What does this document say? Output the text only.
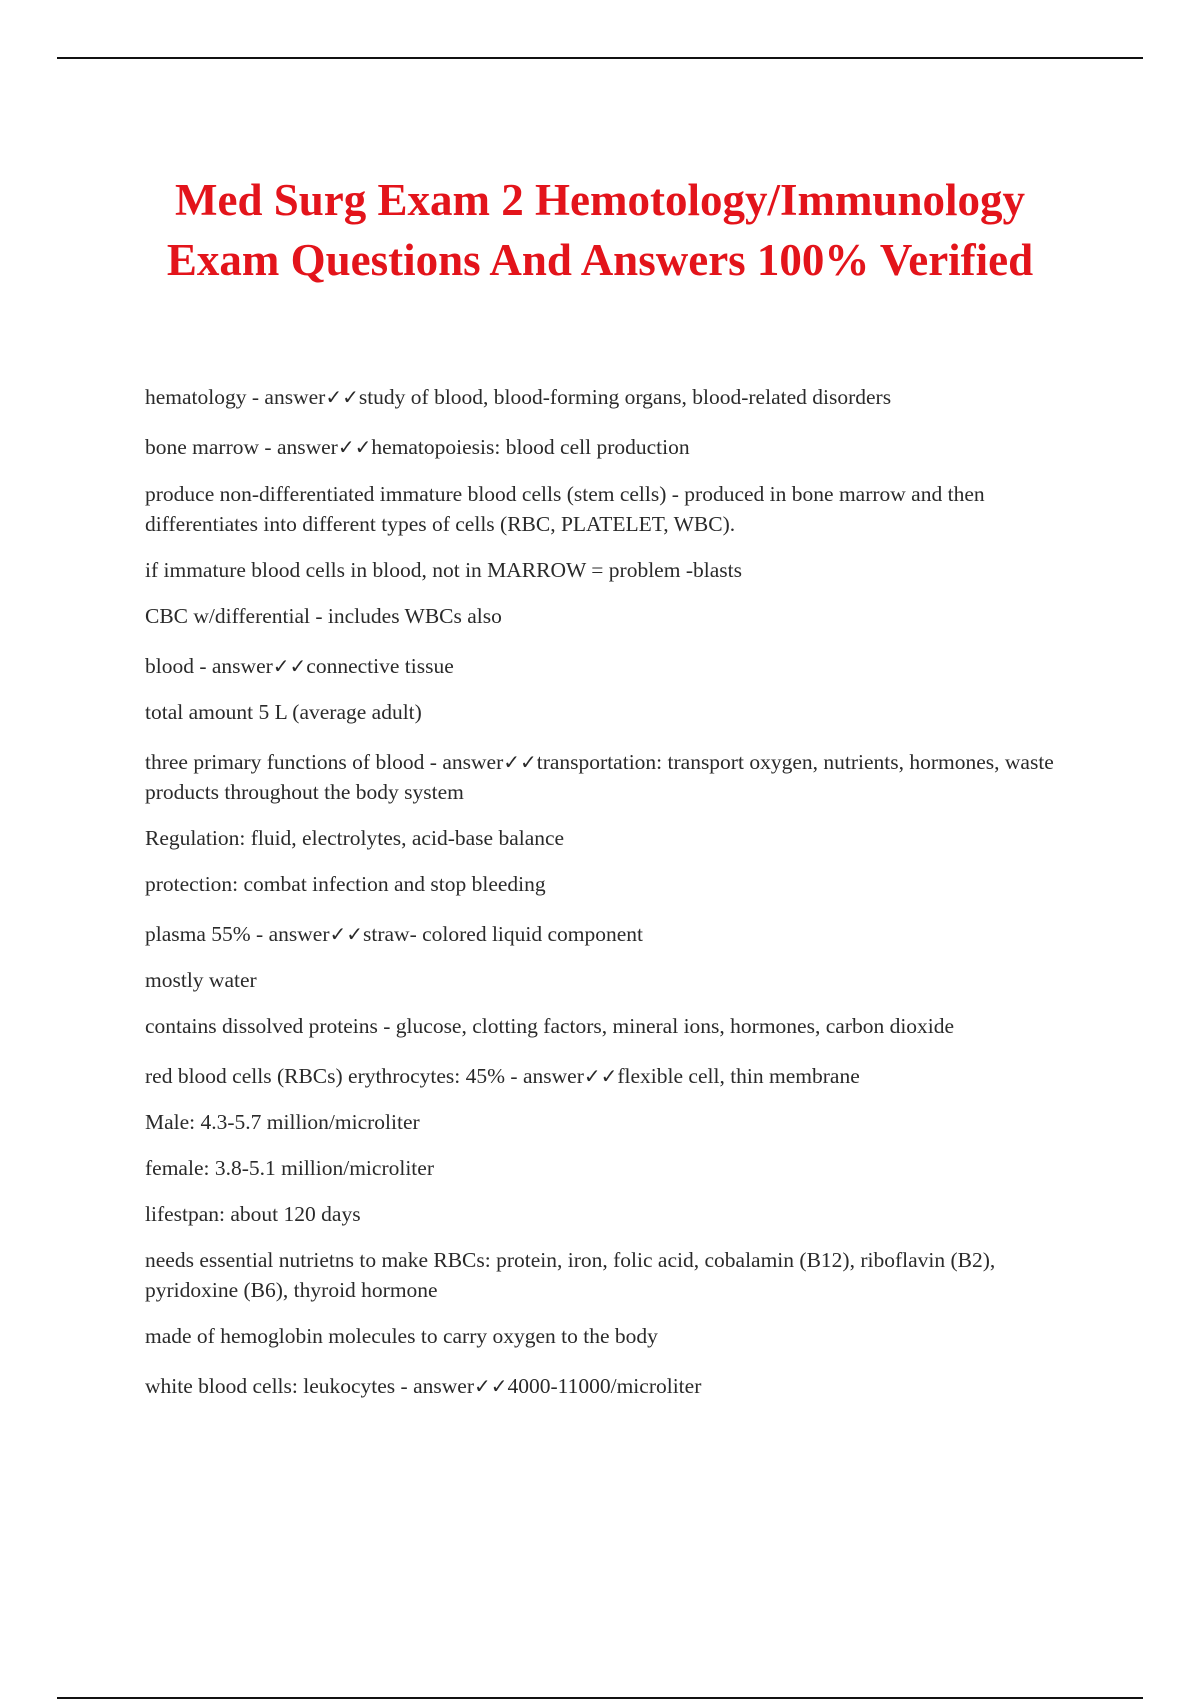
Med Surg Exam 2 Hemotology/Immunology
Exam Questions And Answers 100% Verified

hematology - answer✓✓study of blood, blood-forming organs, blood-related disorders

bone marrow - answer✓✓hematopoiesis: blood cell production

produce non-differentiated immature blood cells (stem cells) - produced in bone marrow and then differentiates into different types of cells (RBC, PLATELET, WBC).

if immature blood cells in blood, not in MARROW = problem -blasts

CBC w/differential - includes WBCs also

blood - answer✓✓connective tissue

total amount 5 L (average adult)

three primary functions of blood - answer✓✓transportation: transport oxygen, nutrients, hormones, waste products throughout the body system

Regulation: fluid, electrolytes, acid-base balance

protection: combat infection and stop bleeding

plasma 55% - answer✓✓straw- colored liquid component

mostly water

contains dissolved proteins - glucose, clotting factors, mineral ions, hormones, carbon dioxide

red blood cells (RBCs) erythrocytes: 45% - answer✓✓flexible cell, thin membrane

Male: 4.3-5.7 million/microliter

female: 3.8-5.1 million/microliter

lifestpan: about 120 days

needs essential nutrietns to make RBCs: protein, iron, folic acid, cobalamin (B12), riboflavin (B2), pyridoxine (B6), thyroid hormone

made of hemoglobin molecules to carry oxygen to the body

white blood cells: leukocytes - answer✓✓4000-11000/microliter
